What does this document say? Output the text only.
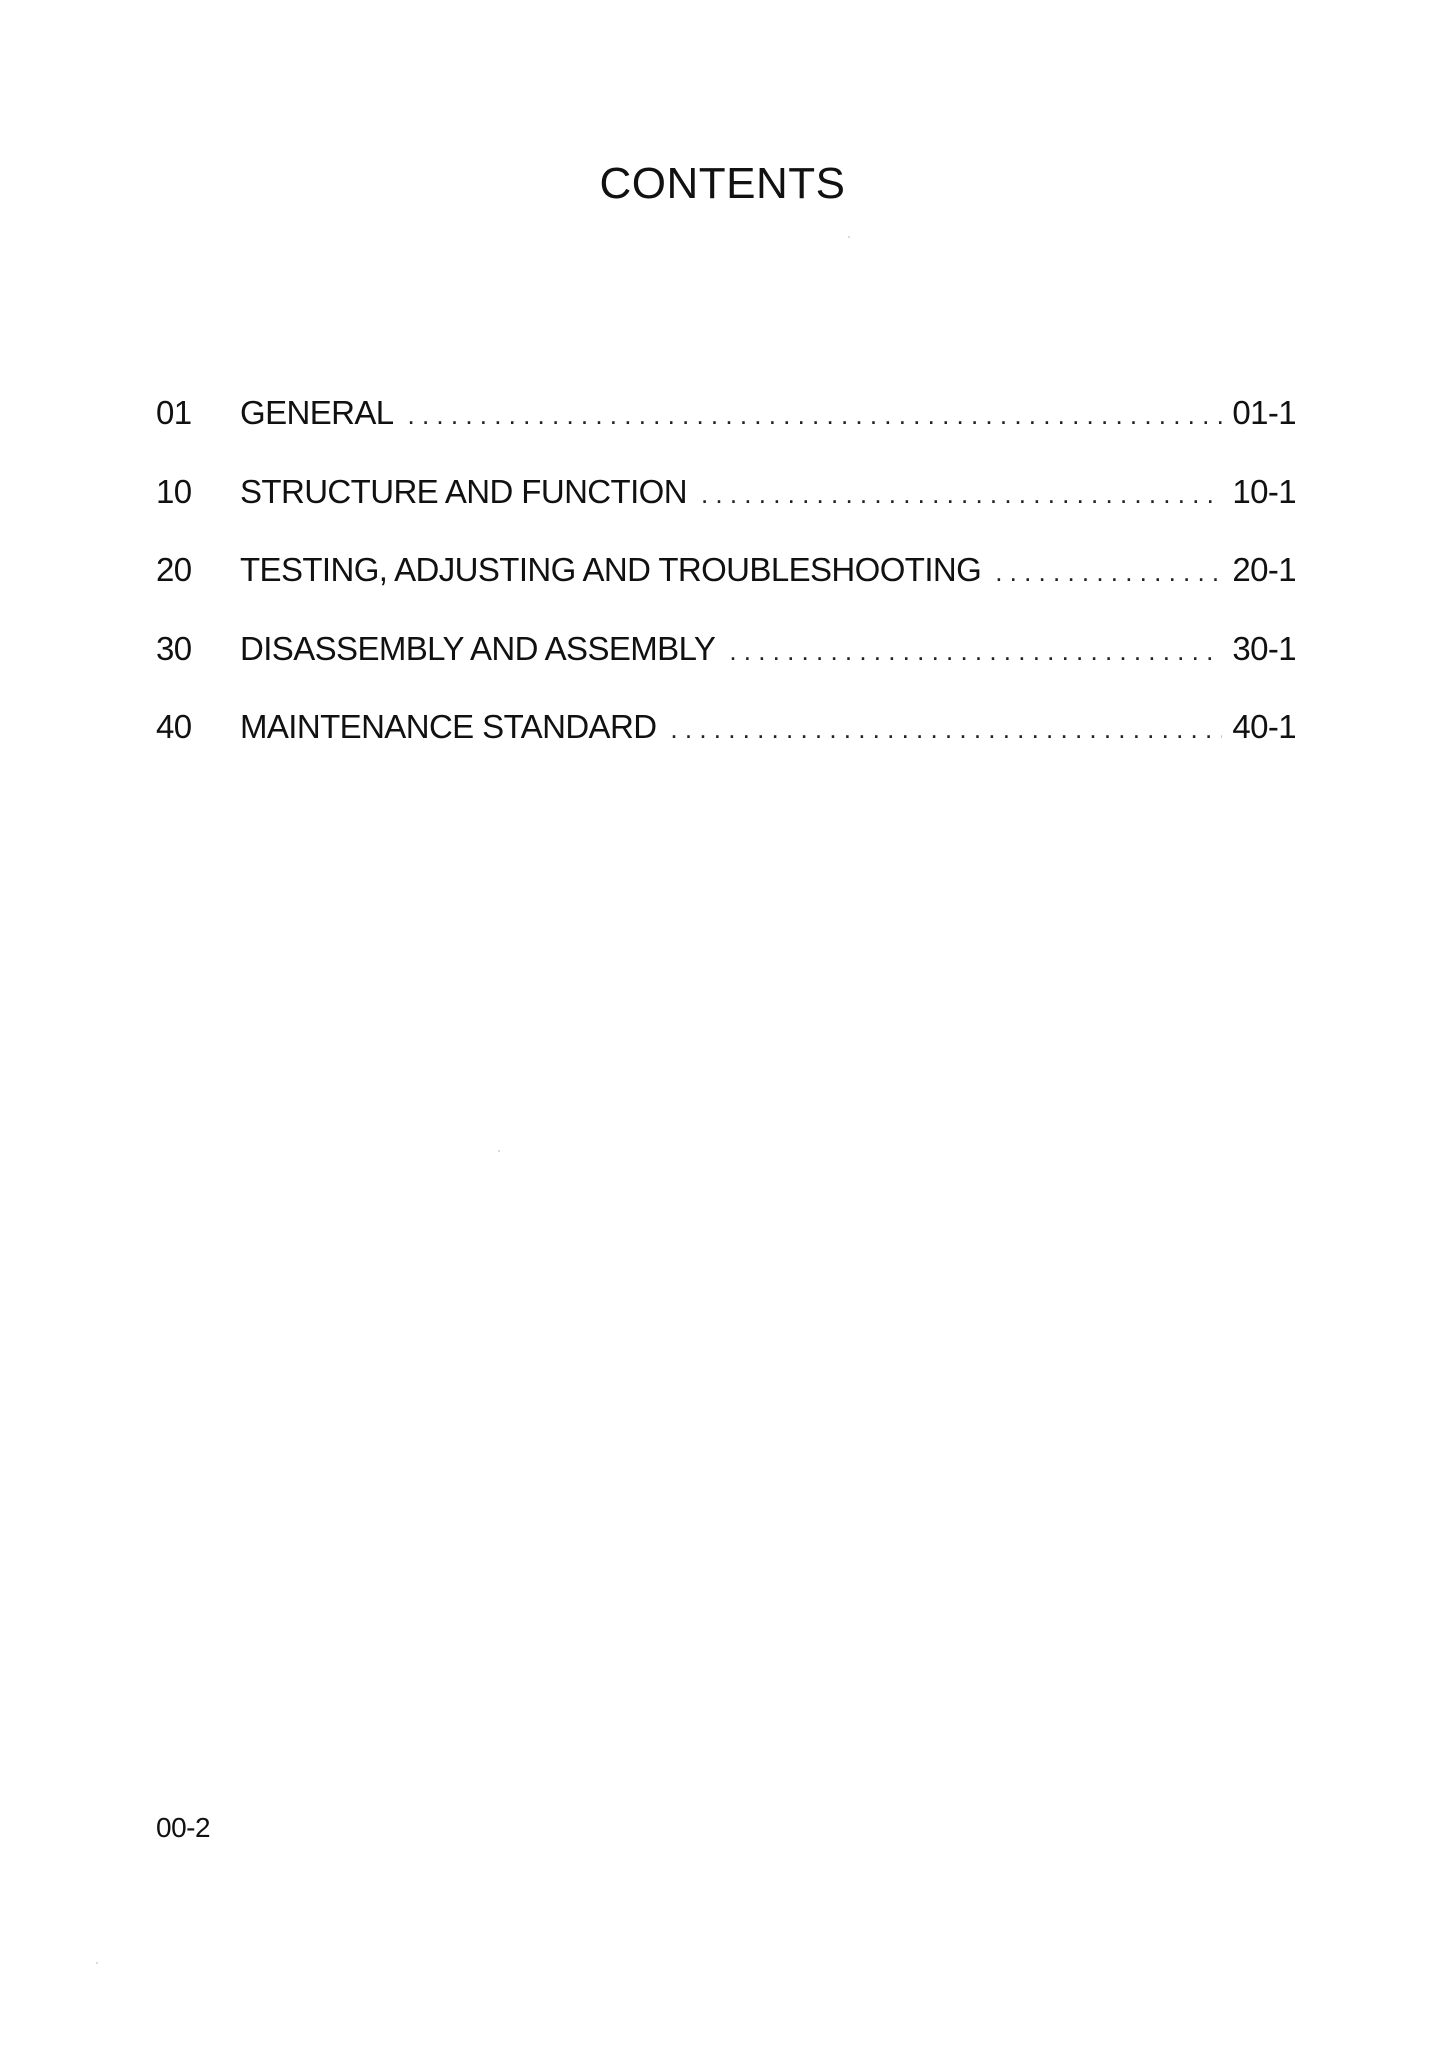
CONTENTS
01	GENERAL . . .	01-1
10	STRUCTURE AND FUNCTION . . .	10-1
20	TESTING, ADJUSTING AND TROUBLESHOOTING . . .	20-1
30	DISASSEMBLY AND ASSEMBLY . . .	30-1
40	MAINTENANCE STANDARD . . .	40-1

00-2
